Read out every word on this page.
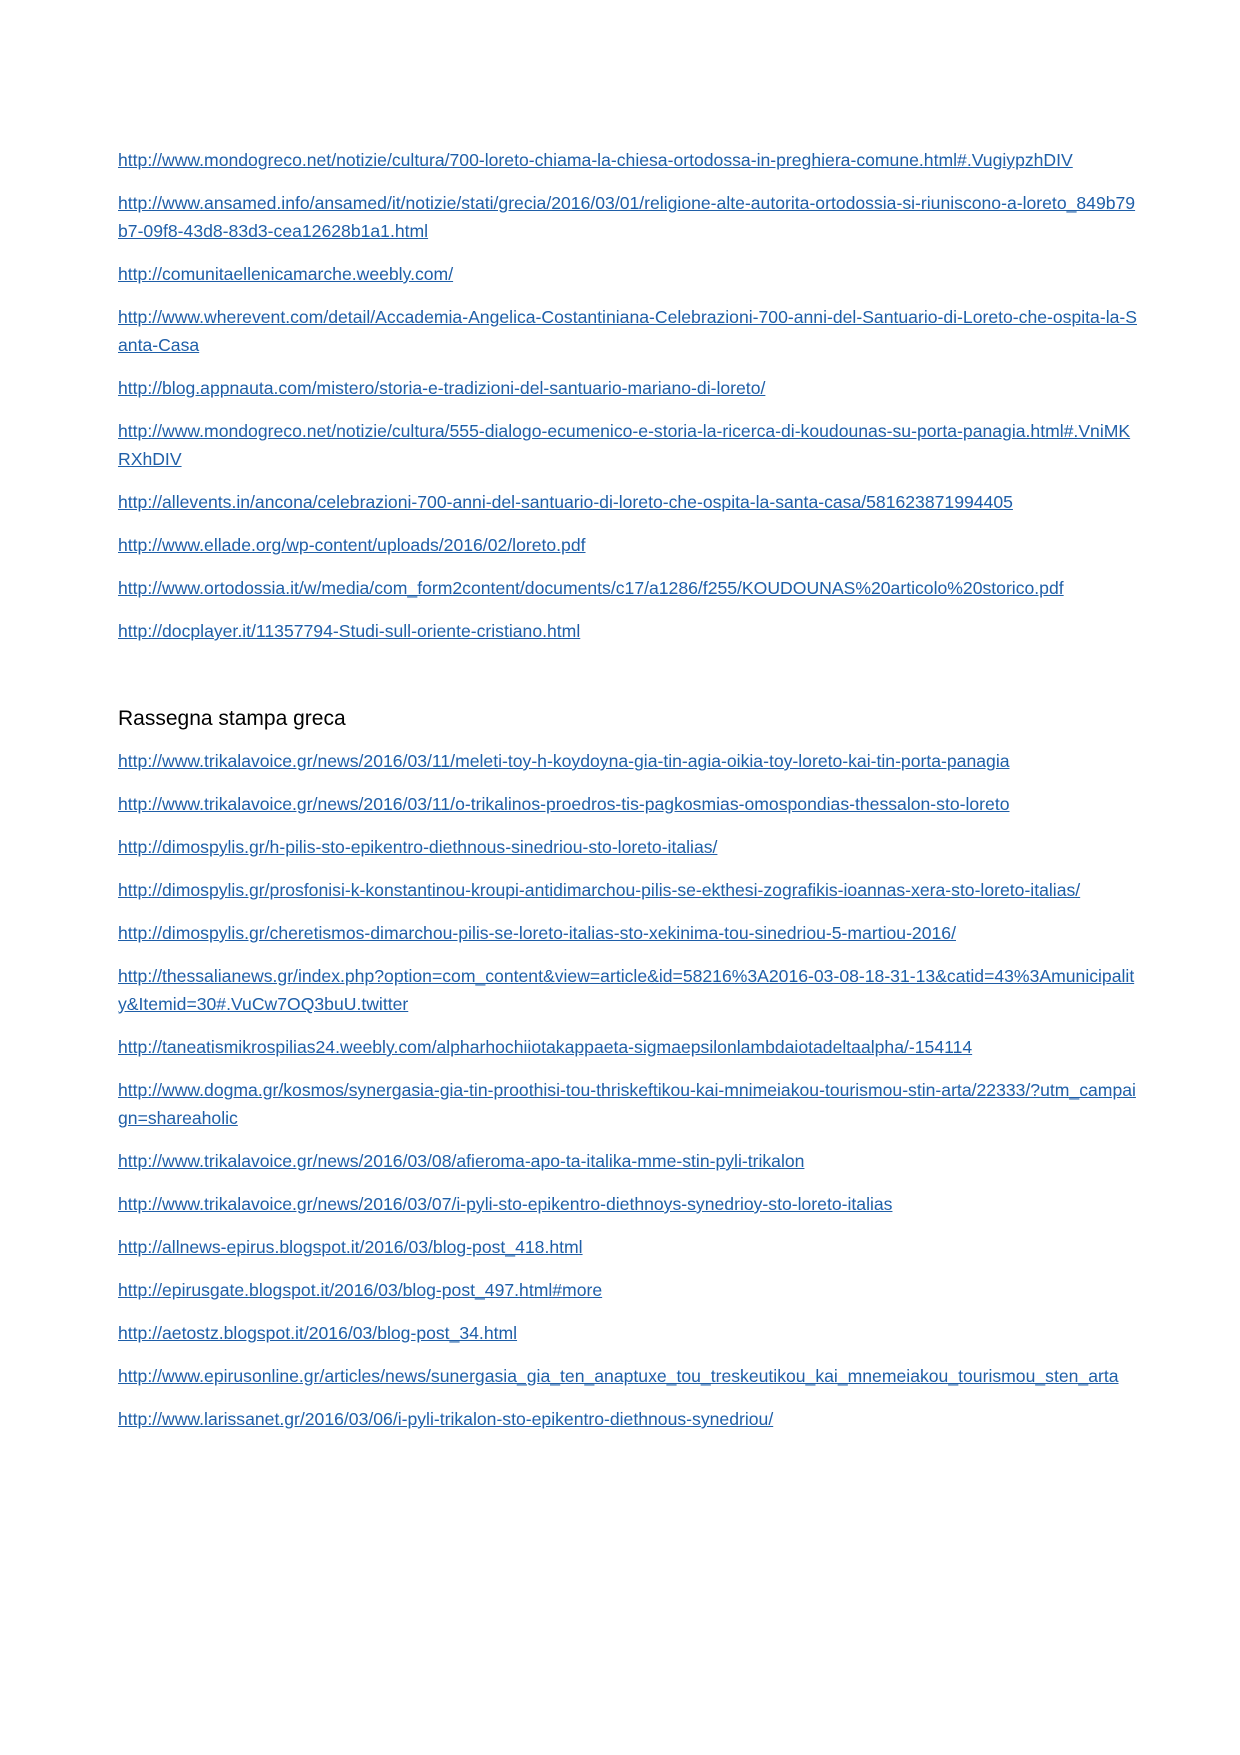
http://www.mondogreco.net/notizie/cultura/700-loreto-chiama-la-chiesa-ortodossa-in-preghiera-comune.html#.VugiypzhDIV
http://www.ansamed.info/ansamed/it/notizie/stati/grecia/2016/03/01/religione-alte-autorita-ortodossia-si-riuniscono-a-loreto_849b79b7-09f8-43d8-83d3-cea12628b1a1.html
http://comunitaellenicamarche.weebly.com/
http://www.wherevent.com/detail/Accademia-Angelica-Costantiniana-Celebrazioni-700-anni-del-Santuario-di-Loreto-che-ospita-la-Santa-Casa
http://blog.appnauta.com/mistero/storia-e-tradizioni-del-santuario-mariano-di-loreto/
http://www.mondogreco.net/notizie/cultura/555-dialogo-ecumenico-e-storia-la-ricerca-di-koudounas-su-porta-panagia.html#.VniMKRXhDIV
http://allevents.in/ancona/celebrazioni-700-anni-del-santuario-di-loreto-che-ospita-la-santa-casa/581623871994405
http://www.ellade.org/wp-content/uploads/2016/02/loreto.pdf
http://www.ortodossia.it/w/media/com_form2content/documents/c17/a1286/f255/KOUDOUNAS%20articolo%20storico.pdf
http://docplayer.it/11357794-Studi-sull-oriente-cristiano.html
Rassegna stampa greca
http://www.trikalavoice.gr/news/2016/03/11/meleti-toy-h-koydoyna-gia-tin-agia-oikia-toy-loreto-kai-tin-porta-panagia
http://www.trikalavoice.gr/news/2016/03/11/o-trikalinos-proedros-tis-pagkosmias-omospondias-thessalon-sto-loreto
http://dimospylis.gr/h-pilis-sto-epikentro-diethnous-sinedriou-sto-loreto-italias/
http://dimospylis.gr/prosfonisi-k-konstantinou-kroupi-antidimarchou-pilis-se-ekthesi-zografikis-ioannas-xera-sto-loreto-italias/
http://dimospylis.gr/cheretismos-dimarchou-pilis-se-loreto-italias-sto-xekinima-tou-sinedriou-5-martiou-2016/
http://thessalianews.gr/index.php?option=com_content&view=article&id=58216%3A2016-03-08-18-31-13&catid=43%3Amunicipality&Itemid=30#.VuCw7OQ3buU.twitter
http://taneatismikrospilias24.weebly.com/alpharhochiiotakappaeta-sigmaepsilonlambdaiotadeltaalpha/-154114
http://www.dogma.gr/kosmos/synergasia-gia-tin-proothisi-tou-thriskeftikou-kai-mnimeiakou-tourismou-stin-arta/22333/?utm_campaign=shareaholic
http://www.trikalavoice.gr/news/2016/03/08/afieroma-apo-ta-italika-mme-stin-pyli-trikalon
http://www.trikalavoice.gr/news/2016/03/07/i-pyli-sto-epikentro-diethnoys-synedrioy-sto-loreto-italias
http://allnews-epirus.blogspot.it/2016/03/blog-post_418.html
http://epirusgate.blogspot.it/2016/03/blog-post_497.html#more
http://aetostz.blogspot.it/2016/03/blog-post_34.html
http://www.epirusonline.gr/articles/news/sunergasia_gia_ten_anaptuxe_tou_treskeutikou_kai_mnemeiakou_tourismou_sten_arta
http://www.larissanet.gr/2016/03/06/i-pyli-trikalon-sto-epikentro-diethnous-synedriou/
